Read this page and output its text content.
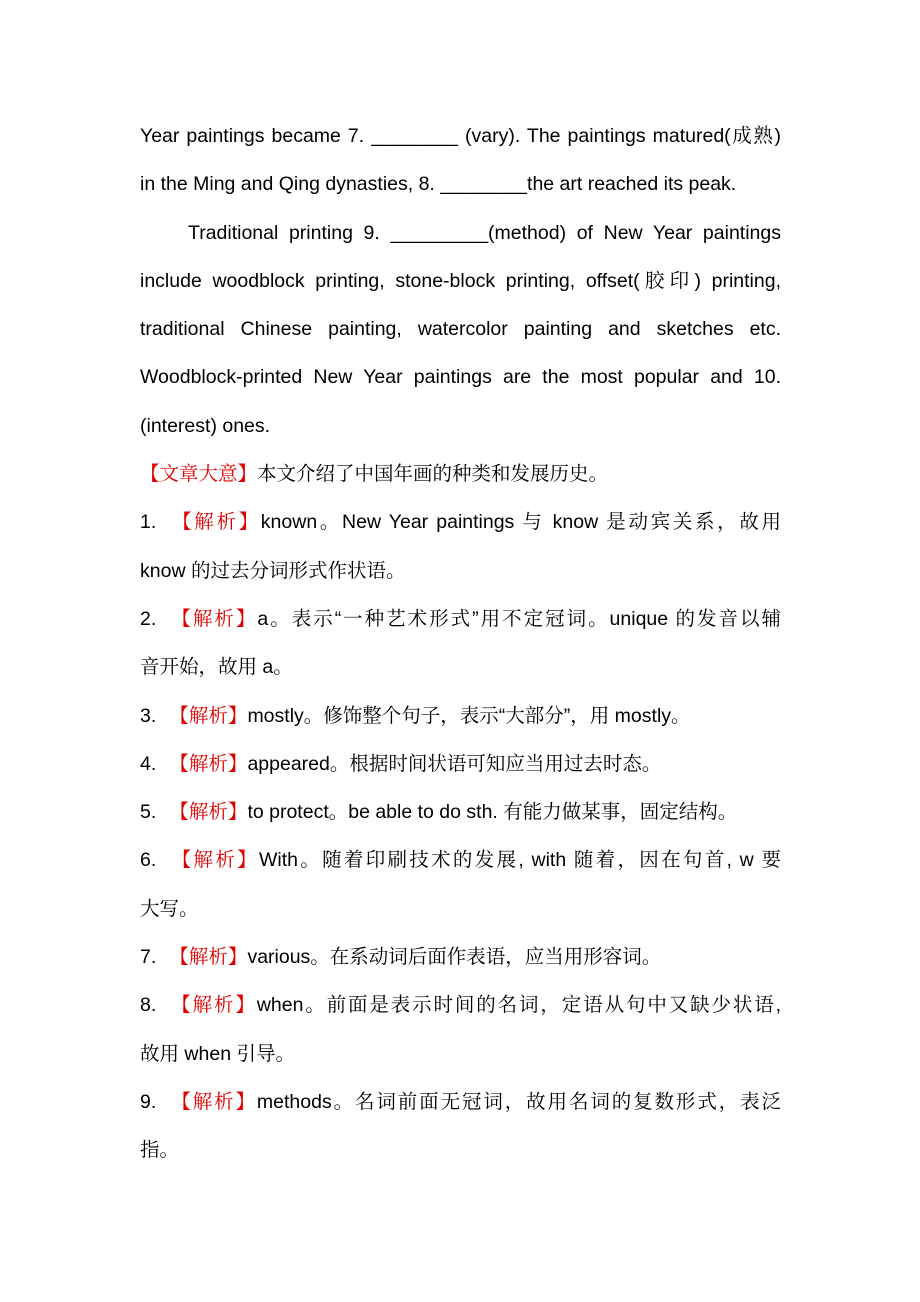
Year paintings became 7. ________ (vary). The paintings matured(成熟)
in the Ming and Qing dynasties, 8. ________the art reached its peak.
Traditional printing 9. _________(method) of New Year paintings
include woodblock printing, stone-block printing, offset(胶印) printing,
traditional Chinese painting, watercolor painting and sketches etc.
Woodblock-printed New Year paintings are the most popular and 10.
(interest) ones.
【文章大意】本文介绍了中国年画的种类和发展历史。
1. 【解析】known。New Year paintings 与 know 是动宾关系，故用
know 的过去分词形式作状语。
2. 【解析】a。表示“一种艺术形式”用不定冠词。unique 的发音以辅
音开始，故用 a。
3. 【解析】mostly。修饰整个句子，表示“大部分”，用 mostly。
4. 【解析】appeared。根据时间状语可知应当用过去时态。
5. 【解析】to protect。be able to do sth. 有能力做某事，固定结构。
6. 【解析】With。随着印刷技术的发展, with 随着，因在句首, w 要
大写。
7. 【解析】various。在系动词后面作表语，应当用形容词。
8. 【解析】when。前面是表示时间的名词，定语从句中又缺少状语,
故用 when 引导。
9. 【解析】methods。名词前面无冠词，故用名词的复数形式，表泛
指。
